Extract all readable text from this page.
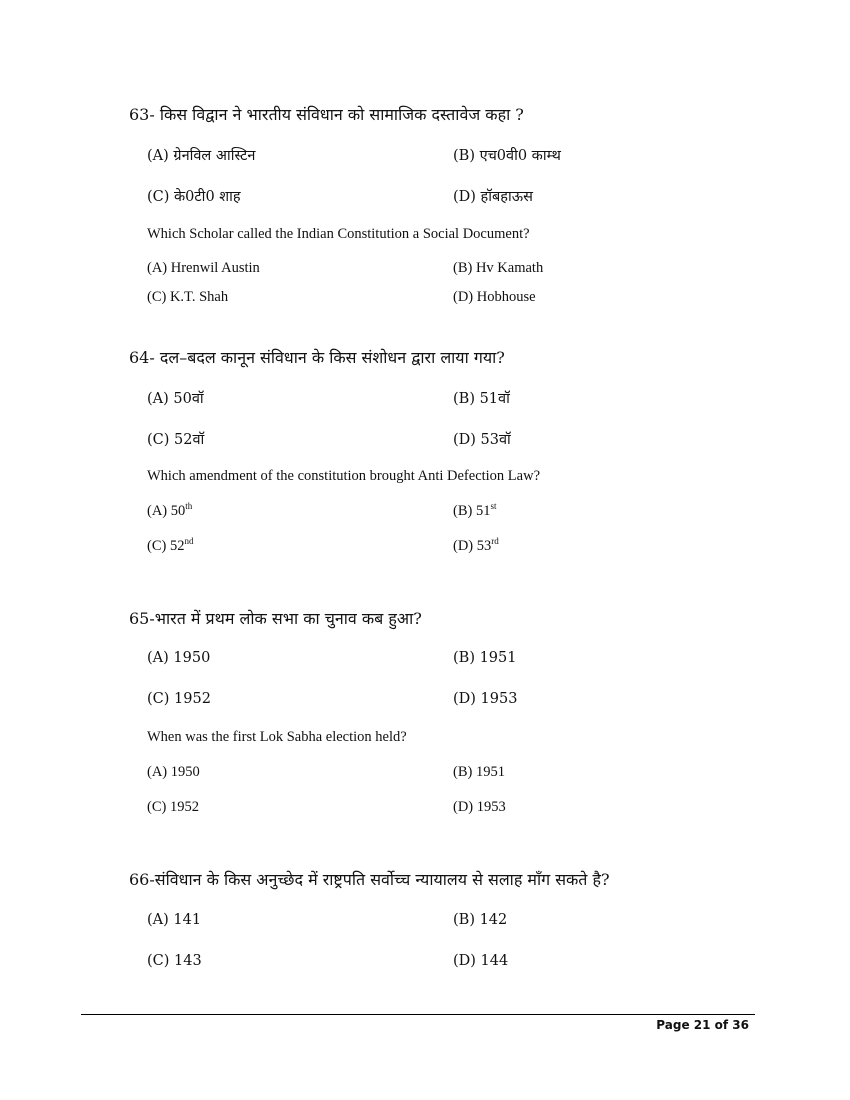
63- किस विद्वान ने भारतीय संविधान को सामाजिक दस्तावेज कहा ?
(A) ग्रेनविल आस्टिन	(B) एच0वी0 काम्थ
(C) के0टी0 शाह	(D) हॉबहाऊस
Which Scholar called the Indian Constitution a Social Document?
(A) Hrenwil Austin	(B) Hv Kamath
(C) K.T. Shah	(D) Hobhouse
64- दल–बदल कानून संविधान के किस संशोधन द्वारा लाया गया?
(A) 50वॉ	(B) 51वॉ
(C) 52वॉ	(D) 53वॉ
Which amendment of the constitution brought Anti Defection Law?
(A) 50th	(B) 51st
(C) 52nd	(D) 53rd
65-भारत में प्रथम लोक सभा का चुनाव कब हुआ?
(A) 1950	(B) 1951
(C) 1952	(D) 1953
When was the first Lok Sabha election held?
(A) 1950	(B) 1951
(C) 1952	(D) 1953
66-संविधान के किस अनुच्छेद में राष्ट्रपति सर्वोच्च न्यायालय से सलाह माँग सकते है?
(A) 141	(B) 142
(C) 143	(D) 144
Page 21 of 36
